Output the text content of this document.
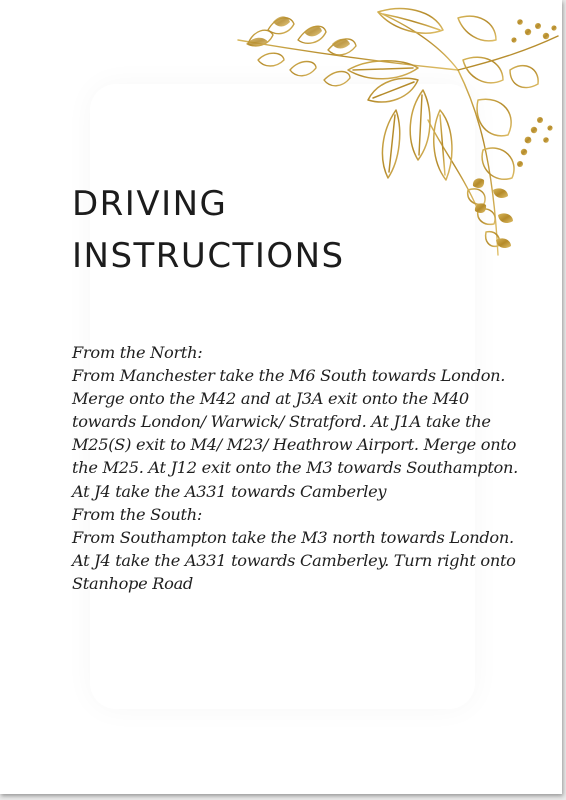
DRIVING
INSTRUCTIONS
From the North:
From Manchester take the M6 South towards London.
Merge onto the M42 and at J3A exit onto the M40
towards London/ Warwick/ Stratford. At J1A take the
M25(S) exit to M4/ M23/ Heathrow Airport. Merge onto
the M25. At J12 exit onto the M3 towards Southampton.
At J4 take the A331 towards Camberley
From the South:
From Southampton take the M3 north towards London.
At J4 take the A331 towards Camberley. Turn right onto
Stanhope Road
